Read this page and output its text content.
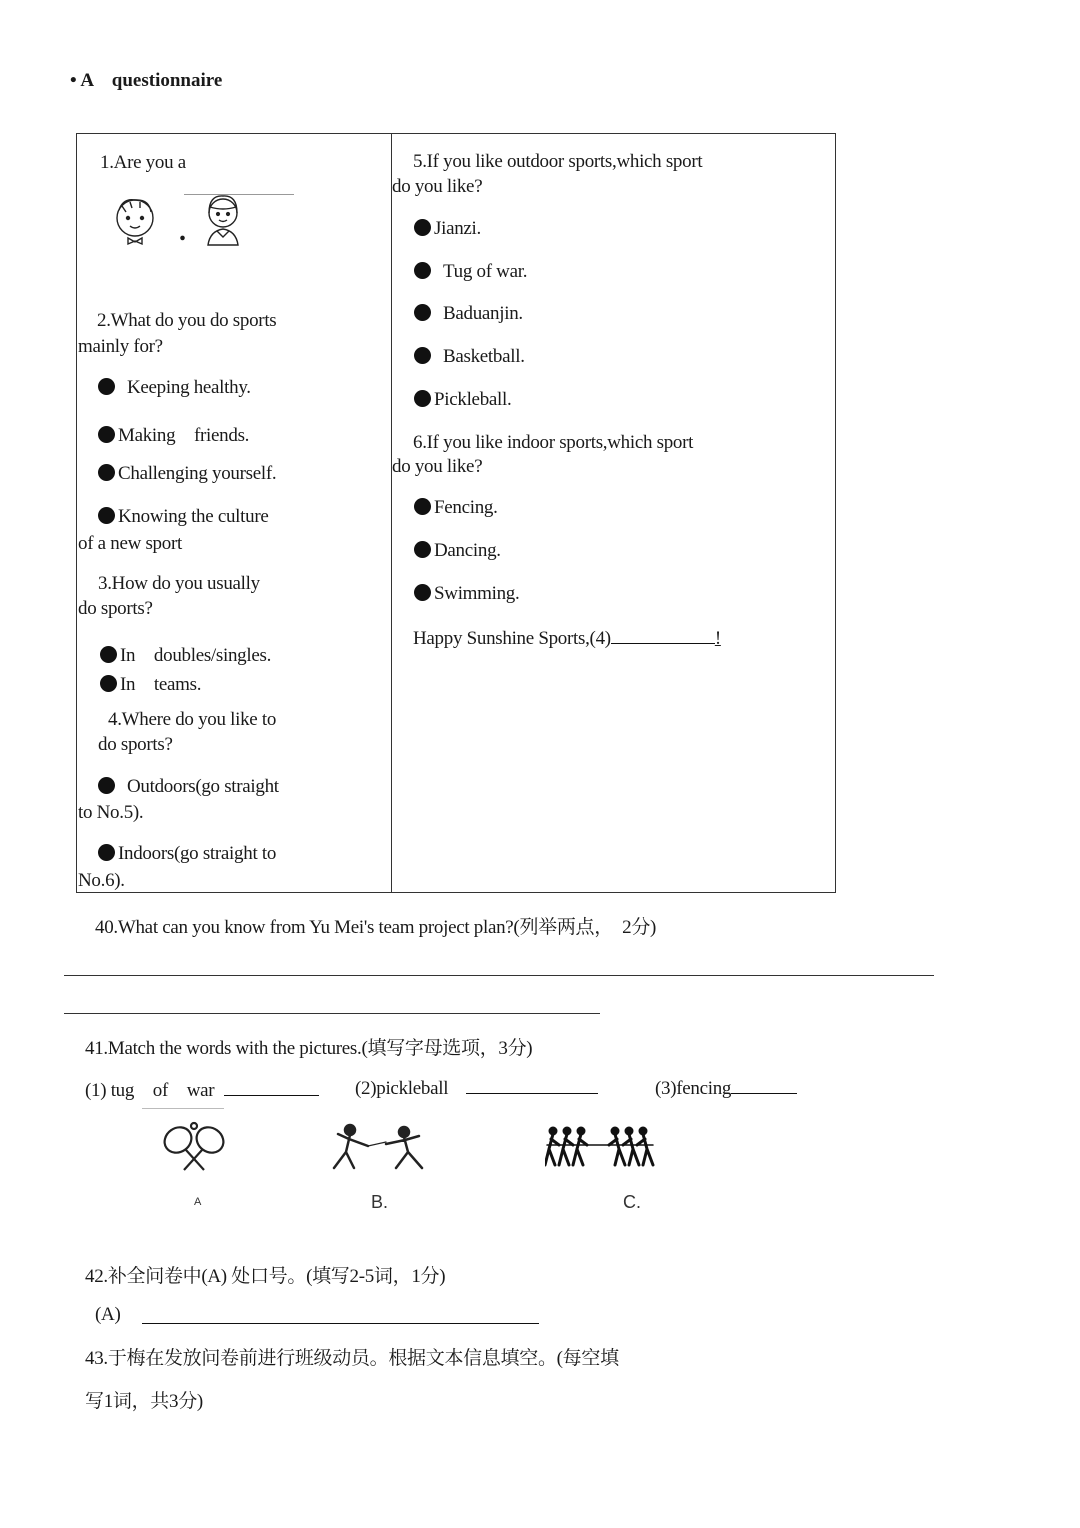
• A questionnaire
1.Are you a
.
2.What do you do sports
mainly for?
Keeping healthy.
Making　friends.
Challenging yourself.
Knowing the culture
of a new sport
3.How do you usually
do sports?
In　doubles/singles.
In　teams.
4.Where do you like to
do sports?
Outdoors(go straight
to No.5).
Indoors(go straight to
No.6).
5.If you like outdoor sports,which sport
do you like?
Jianzi.
Tug of war.
Baduanjin.
Basketball.
Pickleball.
6.If you like indoor sports,which sport
do you like?
Fencing.
Dancing.
Swimming.
Happy Sunshine Sports,(4)	!
40.What can you know from Yu Mei's team project plan?(列举两点，　2分)
41.Match the words with the pictures.(填写字母选项，3分)
(1) tug　of　war	(2)pickleball	(3)fencing
A	B.	C.
42.补全问卷中(A) 处口号。(填写2-5词，1分)
(A)
43.于梅在发放问卷前进行班级动员。根据文本信息填空。(每空填
写1词，共3分)
